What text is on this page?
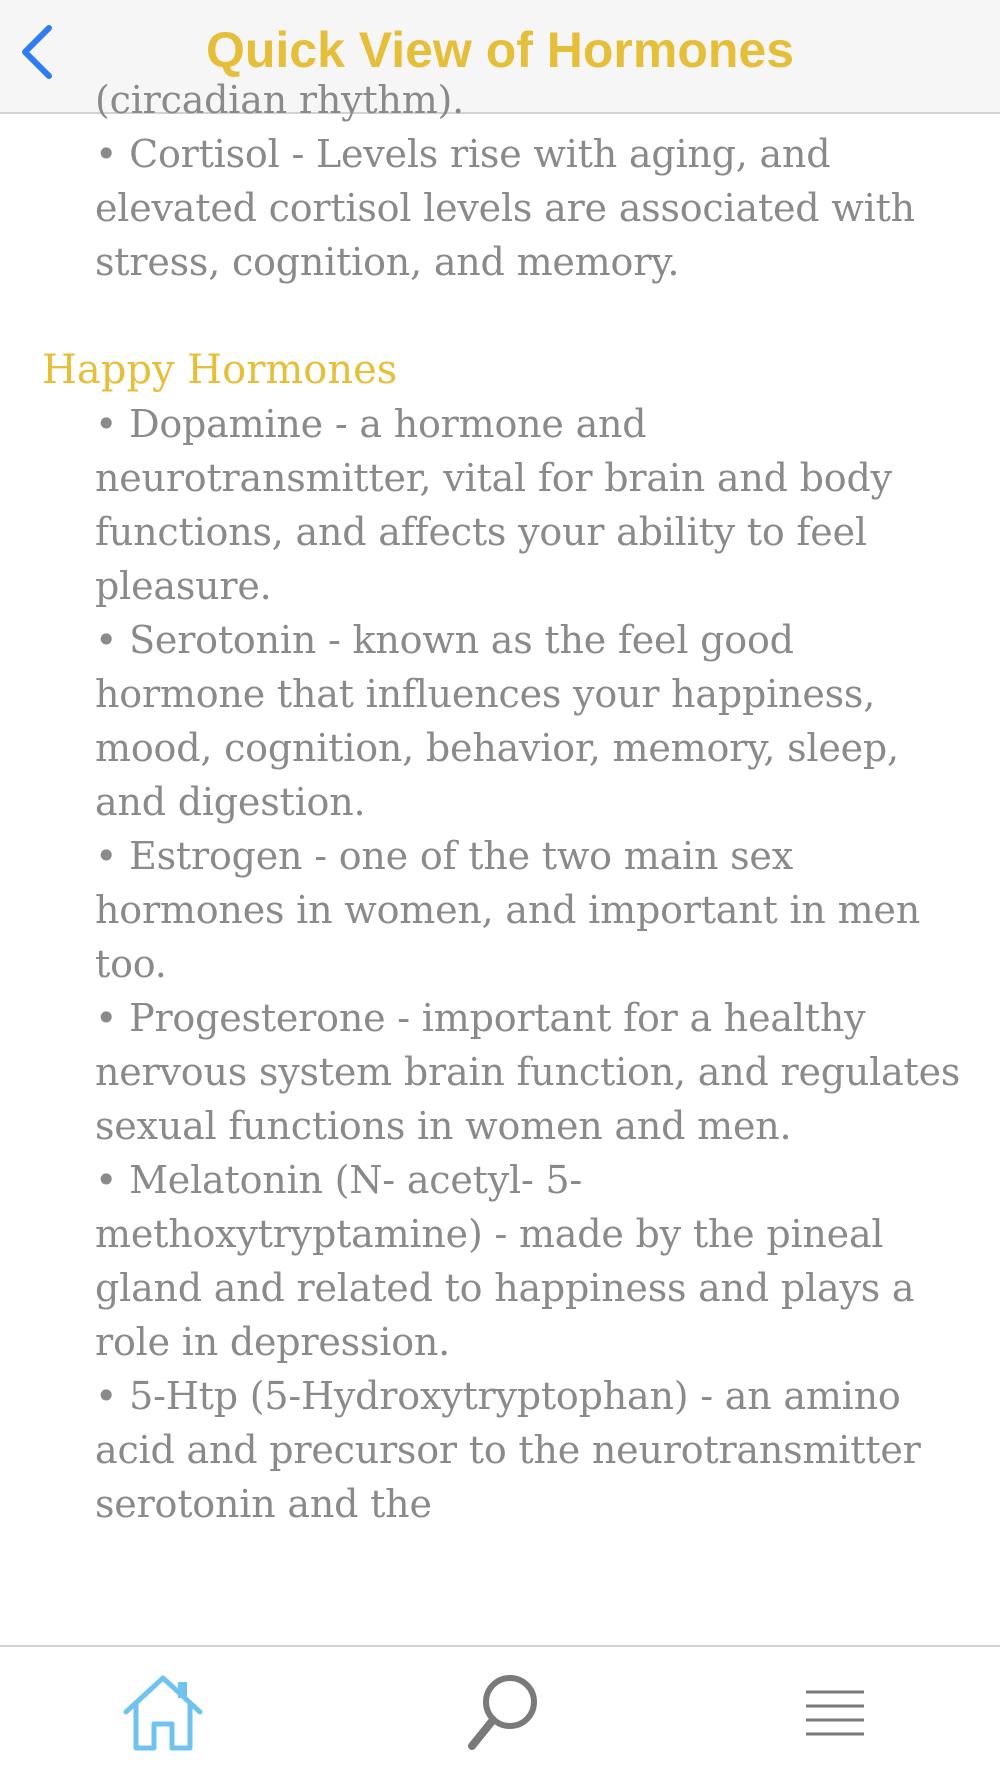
Quick View of Hormones

(circadian rhythm).

• Cortisol - Levels rise with aging, and elevated cortisol levels are associated with stress, cognition, and memory.

Happy Hormones

• Dopamine - a hormone and neurotransmitter, vital for brain and body functions, and affects your ability to feel pleasure.

• Serotonin - known as the feel good hormone that influences your happiness, mood, cognition, behavior, memory, sleep, and digestion.

• Estrogen - one of the two main sex hormones in women, and important in men too.

• Progesterone - important for a healthy nervous system brain function, and regulates sexual functions in women and men.

• Melatonin (N- acetyl- 5- methoxytryptamine) - made by the pineal gland and related to happiness and plays a role in depression.

• 5-Htp (5-Hydroxytryptophan) - an amino acid and precursor to the neurotransmitter serotonin and the
